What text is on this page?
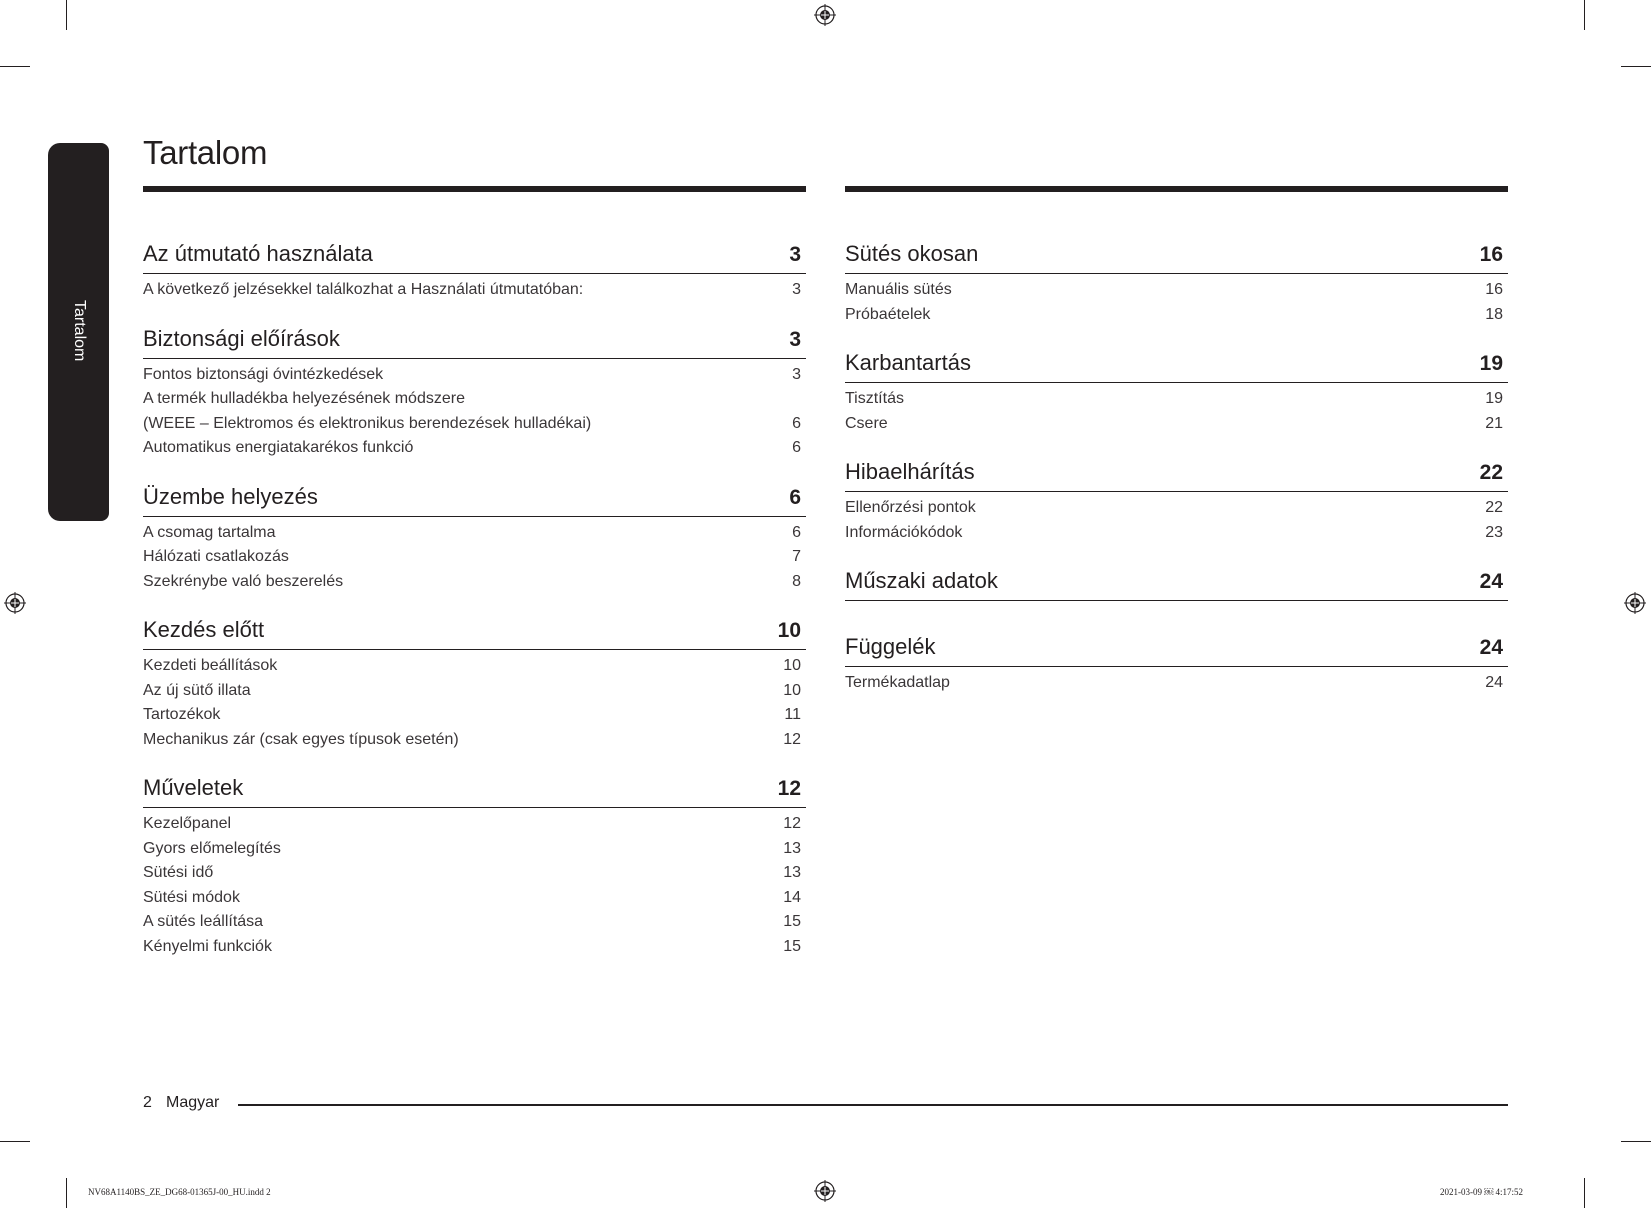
Tartalom
Tartalom
Az útmutató használata	3
A következő jelzésekkel találkozhat a Használati útmutatóban:	3
Biztonsági előírások	3
Fontos biztonsági óvintézkedések	3
A termék hulladékba helyezésének módszere
(WEEE – Elektromos és elektronikus berendezések hulladékai)	6
Automatikus energiatakarékos funkció	6
Üzembe helyezés	6
A csomag tartalma	6
Hálózati csatlakozás	7
Szekrénybe való beszerelés	8
Kezdés előtt	10
Kezdeti beállítások	10
Az új sütő illata	10
Tartozékok	11
Mechanikus zár (csak egyes típusok esetén)	12
Műveletek	12
Kezelőpanel	12
Gyors előmelegítés	13
Sütési idő	13
Sütési módok	14
A sütés leállítása	15
Kényelmi funkciók	15
Sütés okosan	16
Manuális sütés	16
Próbaételek	18
Karbantartás	19
Tisztítás	19
Csere	21
Hibaelhárítás	22
Ellenőrzési pontok	22
Információkódok	23
Műszaki adatok	24
Függelék	24
Termékadatlap	24
2 Magyar
NV68A1140BS_ZE_DG68-01365J-00_HU.indd 2	2021-03-09 ￼ 4:17:52
